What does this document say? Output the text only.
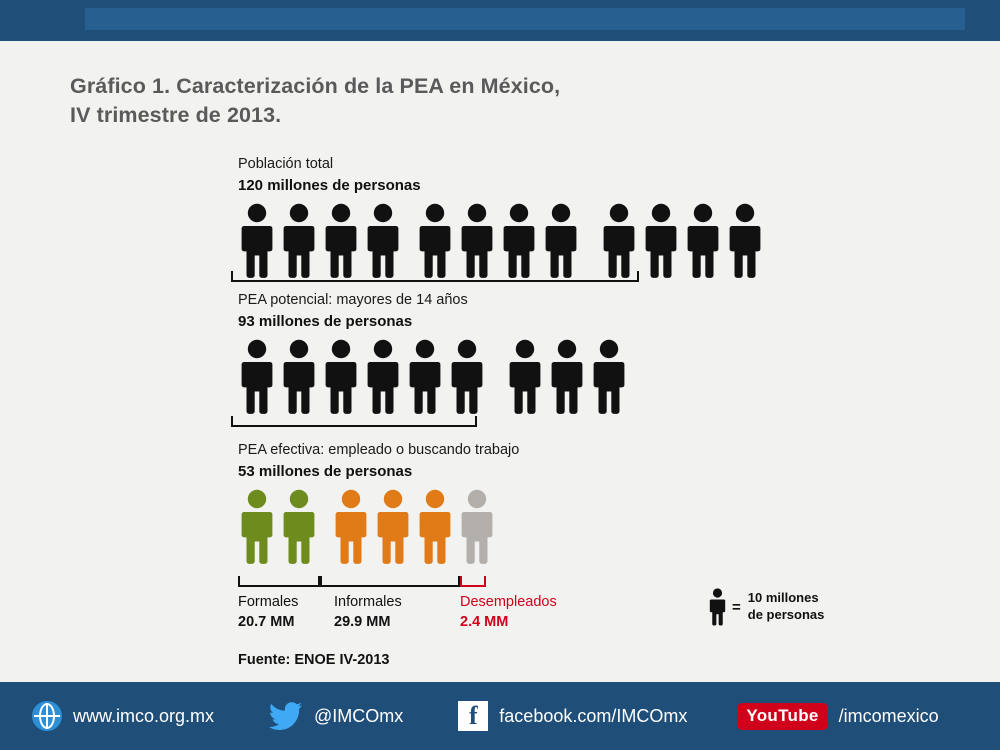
Gráfico 1. Caracterización de la PEA en México,
IV trimestre de 2013.
Población total
120 millones de personas
PEA potencial: mayores de 14 años
93 millones de personas
PEA efectiva: empleado o buscando trabajo
53 millones de personas
Formales
20.7 MM
Informales
29.9 MM
Desempleados
2.4 MM
Fuente: ENOE IV-2013
=
10 millones
de personas
www.imco.org.mx	@IMCOmx	f	facebook.com/IMCOmx	YouTube	/imcomexico
